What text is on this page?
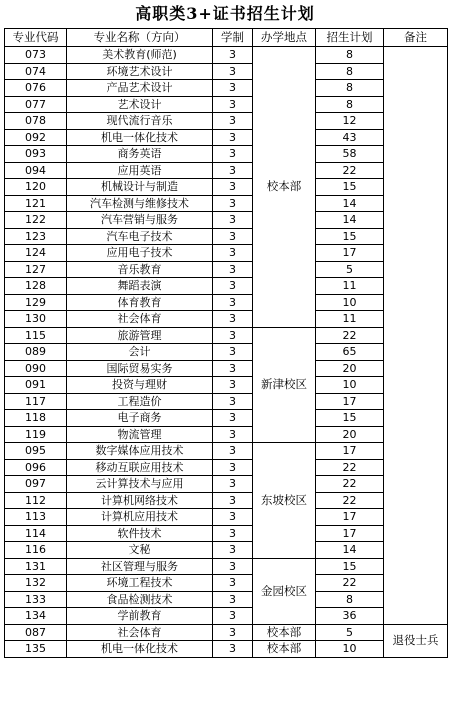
高职类3+证书招生计划
专业代码	专业名称（方向）	学制	办学地点	招生计划	备注
073	美术教育(师范)	3	校本部	8	
074	环境艺术设计	3		8	
076	产品艺术设计	3		8	
077	艺术设计	3		8	
078	现代流行音乐	3		12	
092	机电一体化技术	3		43	
093	商务英语	3		58	
094	应用英语	3		22	
120	机械设计与制造	3		15	
121	汽车检测与维修技术	3		14	
122	汽车营销与服务	3		14	
123	汽车电子技术	3		15	
124	应用电子技术	3		17	
127	音乐教育	3		5	
128	舞蹈表演	3		11	
129	体育教育	3		10	
130	社会体育	3		11	
115	旅游管理	3	新津校区	22	
089	会计	3		65	
090	国际贸易实务	3		20	
091	投资与理财	3		10	
117	工程造价	3		17	
118	电子商务	3		15	
119	物流管理	3		20	
095	数字媒体应用技术	3	东坡校区	17	
096	移动互联应用技术	3		22	
097	云计算技术与应用	3		22	
112	计算机网络技术	3		22	
113	计算机应用技术	3		17	
114	软件技术	3		17	
116	文秘	3		14	
131	社区管理与服务	3	金园校区	15	
132	环境工程技术	3		22	
133	食品检测技术	3		8	
134	学前教育	3		36	
087	社会体育	3	校本部	5	退役士兵
135	机电一体化技术	3	校本部	10	
